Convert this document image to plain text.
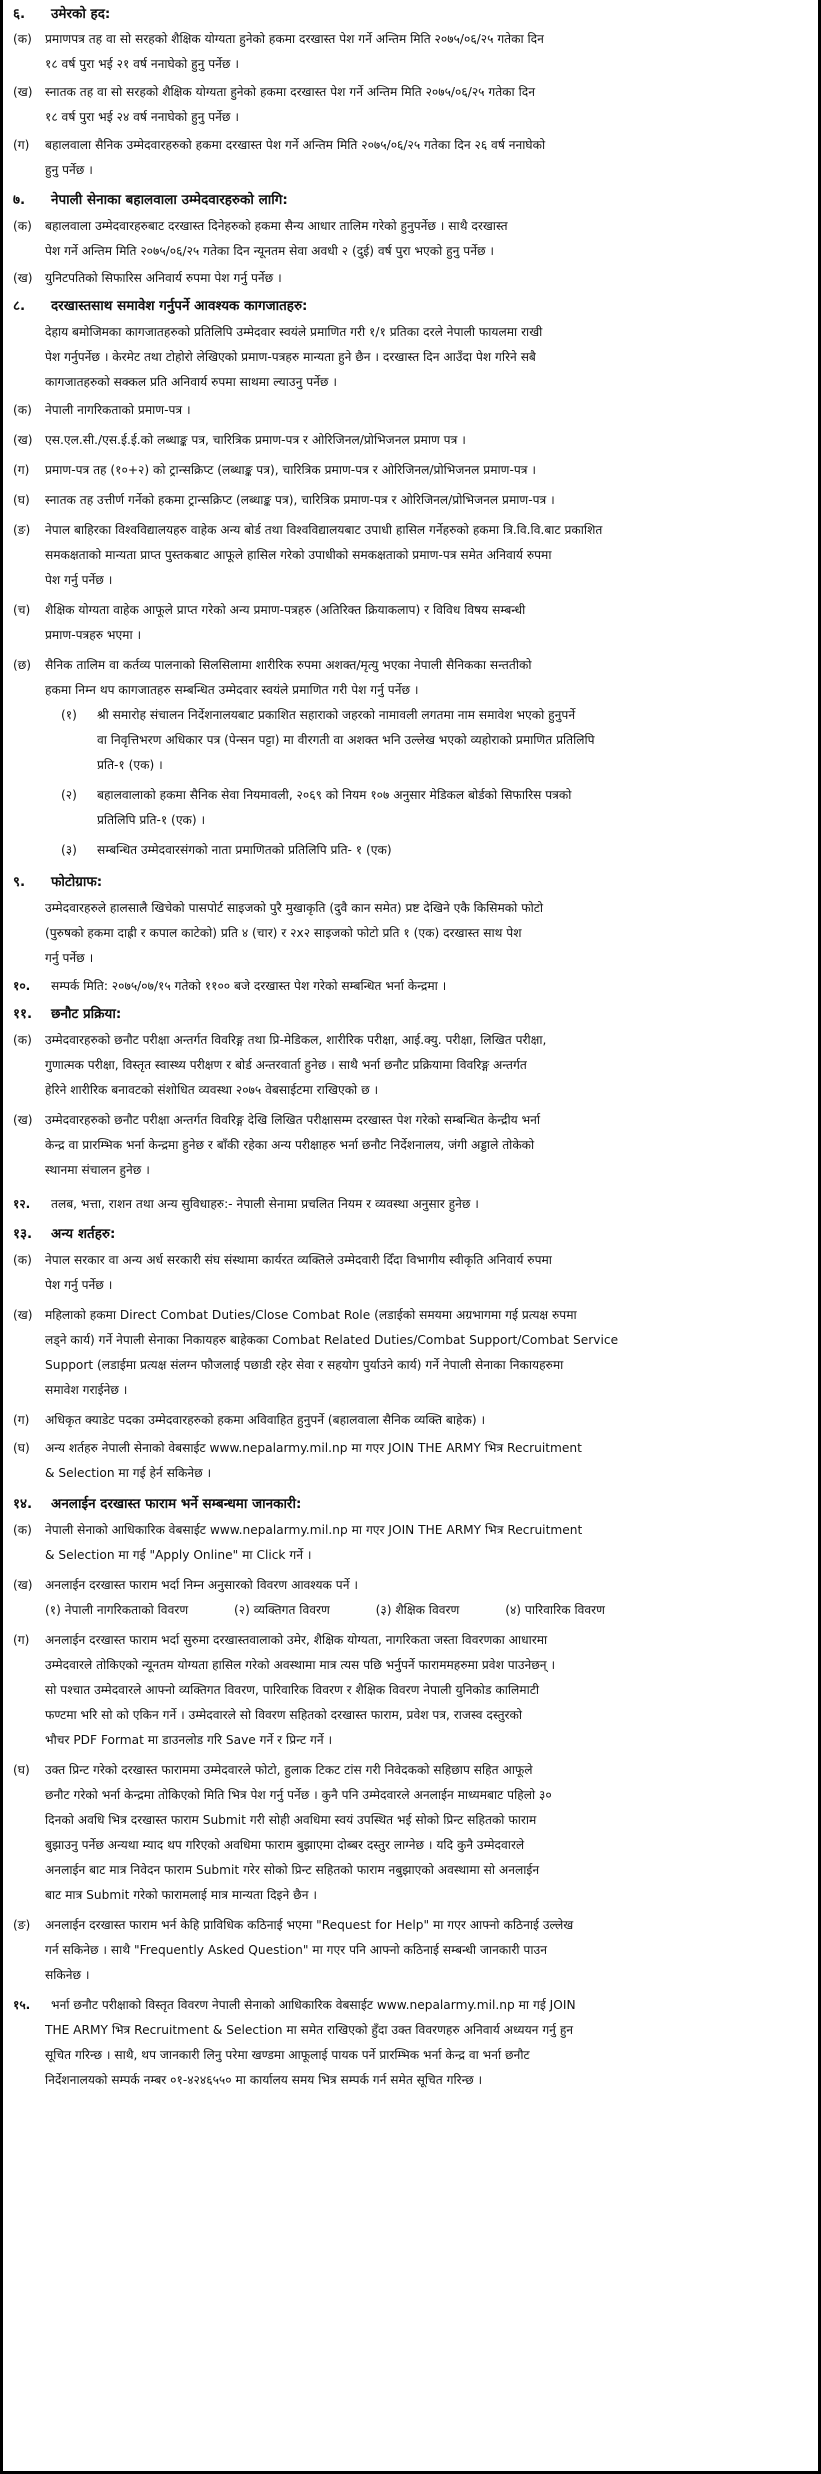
६. उमेरको हद:
(क) प्रमाणपत्र तह वा सो सरहको शैक्षिक योग्यता हुनेको हकमा दरखास्त पेश गर्ने अन्तिम मिति २०७५/०६/२५ गतेका दिन
१८ वर्ष पुरा भई २१ वर्ष ननाघेको हुनु पर्नेछ ।
(ख) स्नातक तह वा सो सरहको शैक्षिक योग्यता हुनेको हकमा दरखास्त पेश गर्ने अन्तिम मिति २०७५/०६/२५ गतेका दिन
१८ वर्ष पुरा भई २४ वर्ष ननाघेको हुनु पर्नेछ ।
(ग) बहालवाला सैनिक उम्मेदवारहरुको हकमा दरखास्त पेश गर्ने अन्तिम मिति २०७५/०६/२५ गतेका दिन २६ वर्ष ननाघेको
हुनु पर्नेछ ।
७. नेपाली सेनाका बहालवाला उम्मेदवारहरुको लागि:
(क) बहालवाला उम्मेदवारहरुबाट दरखास्त दिनेहरुको हकमा सैन्य आधार तालिम गरेको हुनुपर्नेछ । साथै दरखास्त
पेश गर्ने अन्तिम मिति २०७५/०६/२५ गतेका दिन न्यूनतम सेवा अवधी २ (दुई) वर्ष पुरा भएको हुनु पर्नेछ ।
(ख) युनिटपतिको सिफारिस अनिवार्य रुपमा पेश गर्नु पर्नेछ ।
८. दरखास्तसाथ समावेश गर्नुपर्ने आवश्यक कागजातहरु:
देहाय बमोजिमका कागजातहरुको प्रतिलिपि उम्मेदवार स्वयंले प्रमाणित गरी १/१ प्रतिका दरले नेपाली फायलमा राखी
पेश गर्नुपर्नेछ । केरमेट तथा टोहोरो लेखिएको प्रमाण-पत्रहरु मान्यता हुने छैन । दरखास्त दिन आउँदा पेश गरिने सबै
कागजातहरुको सक्कल प्रति अनिवार्य रुपमा साथमा ल्याउनु पर्नेछ ।
(क) नेपाली नागरिकताको प्रमाण-पत्र ।
(ख) एस.एल.सी./एस.ई.ई.को लब्धाङ्क पत्र, चारित्रिक प्रमाण-पत्र र ओरिजिनल/प्रोभिजनल प्रमाण पत्र ।
(ग) प्रमाण-पत्र तह (१०+२) को ट्रान्सक्रिप्ट (लब्धाङ्क पत्र), चारित्रिक प्रमाण-पत्र र ओरिजिनल/प्रोभिजनल प्रमाण-पत्र ।
(घ) स्नातक तह उत्तीर्ण गर्नेको हकमा ट्रान्सक्रिप्ट (लब्धाङ्क पत्र), चारित्रिक प्रमाण-पत्र र ओरिजिनल/प्रोभिजनल प्रमाण-पत्र ।
(ङ) नेपाल बाहिरका विश्वविद्यालयहरु वाहेक अन्य बोर्ड तथा विश्वविद्यालयबाट उपाधी हासिल गर्नेहरुको हकमा त्रि.वि.वि.बाट प्रकाशित
समकक्षताको मान्यता प्राप्त पुस्तकबाट आफूले हासिल गरेको उपाधीको समकक्षताको प्रमाण-पत्र समेत अनिवार्य रुपमा
पेश गर्नु पर्नेछ ।
(च) शैक्षिक योग्यता वाहेक आफूले प्राप्त गरेको अन्य प्रमाण-पत्रहरु (अतिरिक्त क्रियाकलाप) र विविध विषय सम्बन्धी
प्रमाण-पत्रहरु भएमा ।
(छ) सैनिक तालिम वा कर्तव्य पालनाको सिलसिलामा शारीरिक रुपमा अशक्त/मृत्यु भएका नेपाली सैनिकका सन्ततीको
हकमा निम्न थप कागजातहरु सम्बन्धित उम्मेदवार स्वयंले प्रमाणित गरी पेश गर्नु पर्नेछ ।
(१) श्री समारोह संचालन निर्देशनालयबाट प्रकाशित सहाराको जहरको नामावली लगतमा नाम समावेश भएको हुनुपर्ने
वा निवृत्तिभरण अधिकार पत्र (पेन्सन पट्टा) मा वीरगती वा अशक्त भनि उल्लेख भएको व्यहोराको प्रमाणित प्रतिलिपि
प्रति-१ (एक) ।
(२) बहालवालाको हकमा सैनिक सेवा नियमावली, २०६९ को नियम १०७ अनुसार मेडिकल बोर्डको सिफारिस पत्रको
प्रतिलिपि प्रति-१ (एक) ।
(३) सम्बन्धित उम्मेदवारसंगको नाता प्रमाणितको प्रतिलिपि प्रति- १ (एक)
९. फोटोग्राफ:
उम्मेदवारहरुले हालसालै खिचेको पासपोर्ट साइजको पुरै मुखाकृति (दुवै कान समेत) प्रष्ट देखिने एकै किसिमको फोटो
(पुरुषको हकमा दाह्री र कपाल काटेको) प्रति ४ (चार) र २x२ साइजको फोटो प्रति १ (एक) दरखास्त साथ पेश
गर्नु पर्नेछ ।
१०. सम्पर्क मिति: २०७५/०७/१५ गतेको ११०० बजे दरखास्त पेश गरेको सम्बन्धित भर्ना केन्द्रमा ।
११. छनौट प्रक्रिया:
(क) उम्मेदवारहरुको छनौट परीक्षा अन्तर्गत विवरिङ्ग तथा प्रि-मेडिकल, शारीरिक परीक्षा, आई.क्यु. परीक्षा, लिखित परीक्षा,
गुणात्मक परीक्षा, विस्तृत स्वास्थ्य परीक्षण र बोर्ड अन्तरवार्ता हुनेछ । साथै भर्ना छनौट प्रक्रियामा विवरिङ्ग अन्तर्गत
हेरिने शारीरिक बनावटको संशोधित व्यवस्था २०७५ वेबसाईटमा राखिएको छ ।
(ख) उम्मेदवारहरुको छनौट परीक्षा अन्तर्गत विवरिङ्ग देखि लिखित परीक्षासम्म दरखास्त पेश गरेको सम्बन्धित केन्द्रीय भर्ना
केन्द्र वा प्रारम्भिक भर्ना केन्द्रमा हुनेछ र बाँकी रहेका अन्य परीक्षाहरु भर्ना छनौट निर्देशनालय, जंगी अड्डाले तोकेको
स्थानमा संचालन हुनेछ ।
१२. तलब, भत्ता, राशन तथा अन्य सुविधाहरु:- नेपाली सेनामा प्रचलित नियम र व्यवस्था अनुसार हुनेछ ।
१३. अन्य शर्तहरु:
(क) नेपाल सरकार वा अन्य अर्ध सरकारी संघ संस्थामा कार्यरत व्यक्तिले उम्मेदवारी दिँदा विभागीय स्वीकृति अनिवार्य रुपमा
पेश गर्नु पर्नेछ ।
(ख) महिलाको हकमा Direct Combat Duties/Close Combat Role (लडाईको समयमा अग्रभागमा गई प्रत्यक्ष रुपमा
लड्ने कार्य) गर्ने नेपाली सेनाका निकायहरु बाहेकका Combat Related Duties/Combat Support/Combat Service
Support (लडाईमा प्रत्यक्ष संलग्न फौजलाई पछाडी रहेर सेवा र सहयोग पुर्याउने कार्य) गर्ने नेपाली सेनाका निकायहरुमा
समावेश गराईनेछ ।
(ग) अधिकृत क्याडेट पदका उम्मेदवारहरुको हकमा अविवाहित हुनुपर्ने (बहालवाला सैनिक व्यक्ति बाहेक) ।
(घ) अन्य शर्तहरु नेपाली सेनाको वेबसाईट www.nepalarmy.mil.np मा गएर JOIN THE ARMY भित्र Recruitment
& Selection मा गई हेर्न सकिनेछ ।
१४. अनलाईन दरखास्त फाराम भर्ने सम्बन्धमा जानकारी:
(क) नेपाली सेनाको आधिकारिक वेबसाईट www.nepalarmy.mil.np मा गएर JOIN THE ARMY भित्र Recruitment
& Selection मा गई "Apply Online" मा Click गर्ने ।
(ख) अनलाईन दरखास्त फाराम भर्दा निम्न अनुसारको विवरण आवश्यक पर्ने ।
(१) नेपाली नागरिकताको विवरण	(२) व्यक्तिगत विवरण	(३) शैक्षिक विवरण	(४) पारिवारिक विवरण
(ग) अनलाईन दरखास्त फाराम भर्दा सुरुमा दरखास्तवालाको उमेर, शैक्षिक योग्यता, नागरिकता जस्ता विवरणका आधारमा
उम्मेदवारले तोकिएको न्यूनतम योग्यता हासिल गरेको अवस्थामा मात्र त्यस पछि भर्नुपर्ने फाराममहरुमा प्रवेश पाउनेछन् ।
सो पश्चात उम्मेदवारले आफ्नो व्यक्तिगत विवरण, पारिवारिक विवरण र शैक्षिक विवरण नेपाली युनिकोड कालिमाटी
फण्टमा भरि सो को एकिन गर्ने । उम्मेदवारले सो विवरण सहितको दरखास्त फाराम, प्रवेश पत्र, राजस्व दस्तुरको
भौचर PDF Format मा डाउनलोड गरि Save गर्ने र प्रिन्ट गर्ने ।
(घ) उक्त प्रिन्ट गरेको दरखास्त फाराममा उम्मेदवारले फोटो, हुलाक टिकट टांस गरी निवेदकको सहिछाप सहित आफूले
छनौट गरेको भर्ना केन्द्रमा तोकिएको मिति भित्र पेश गर्नु पर्नेछ । कुनै पनि उम्मेदवारले अनलाईन माध्यमबाट पहिलो ३०
दिनको अवधि भित्र दरखास्त फाराम Submit गरी सोही अवधिमा स्वयं उपस्थित भई सोको प्रिन्ट सहितको फाराम
बुझाउनु पर्नेछ अन्यथा म्याद थप गरिएको अवधिमा फाराम बुझाएमा दोब्बर दस्तुर लाग्नेछ । यदि कुनै उम्मेदवारले
अनलाईन बाट मात्र निवेदन फाराम Submit गरेर सोको प्रिन्ट सहितको फाराम नबुझाएको अवस्थामा सो अनलाईन
बाट मात्र Submit गरेको फारामलाई मात्र मान्यता दिइने छैन ।
(ङ) अनलाईन दरखास्त फाराम भर्न केहि प्राविधिक कठिनाई भएमा "Request for Help" मा गएर आफ्नो कठिनाई उल्लेख
गर्न सकिनेछ । साथै "Frequently Asked Question" मा गएर पनि आफ्नो कठिनाई सम्बन्धी जानकारी पाउन
सकिनेछ ।
१५. भर्ना छनौट परीक्षाको विस्तृत विवरण नेपाली सेनाको आधिकारिक वेबसाईट www.nepalarmy.mil.np मा गई JOIN
THE ARMY भित्र Recruitment & Selection मा समेत राखिएको हुँदा उक्त विवरणहरु अनिवार्य अध्ययन गर्नु हुन
सूचित गरिन्छ । साथै, थप जानकारी लिनु परेमा खण्डमा आफूलाई पायक पर्ने प्रारम्भिक भर्ना केन्द्र वा भर्ना छनौट
निर्देशनालयको सम्पर्क नम्बर ०१-४२४६५५० मा कार्यालय समय भित्र सम्पर्क गर्न समेत सूचित गरिन्छ ।
